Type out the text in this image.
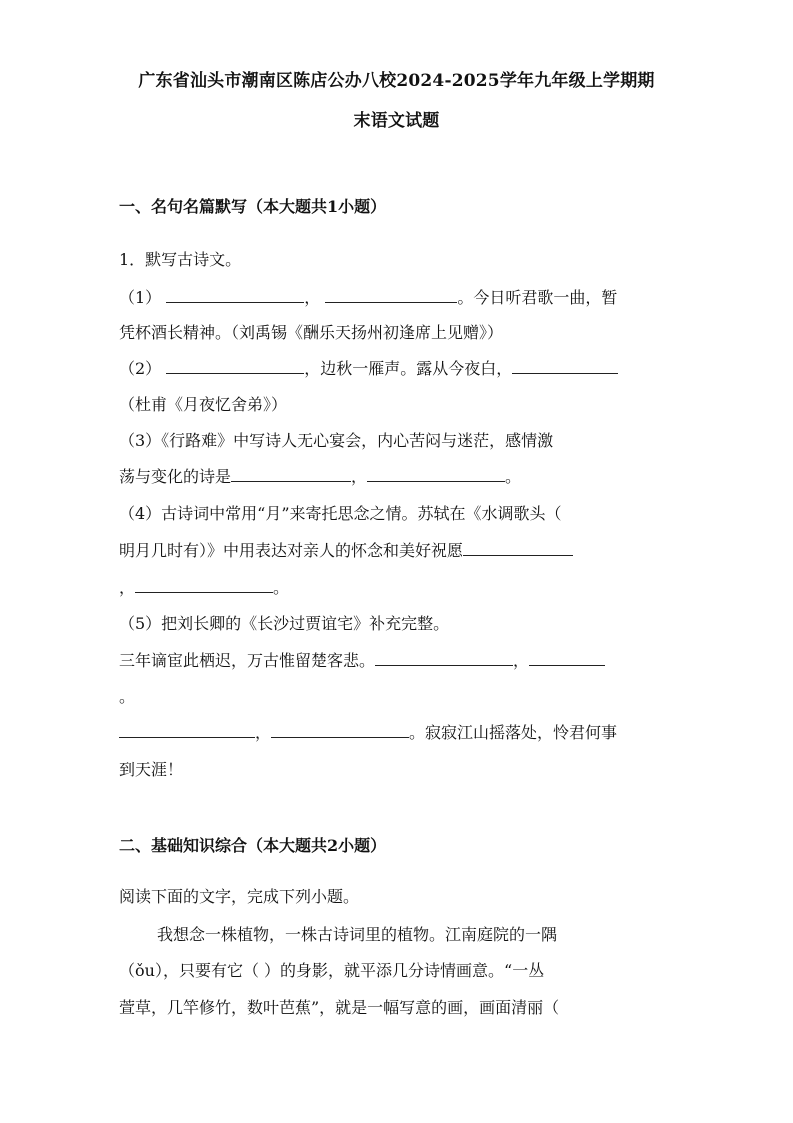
广东省汕头市潮南区陈店公办八校2024-2025学年九年级上学期期
末语文试题
一、名句名篇默写（本大题共1小题）
1．默写古诗文。
（1）	，	。今日听君歌一曲，暂
凭杯酒长精神。（刘禹锡《酬乐天扬州初逢席上见赠》）
（2）	，边秋一雁声。露从今夜白，
（杜甫《月夜忆舍弟》）
（3）《行路难》中写诗人无心宴会，内心苦闷与迷茫，感情激
荡与变化的诗是	，	。
（4）古诗词中常用“月”来寄托思念之情。苏轼在《水调歌头（
明月几时有）》中用表达对亲人的怀念和美好祝愿
，	。
（5）把刘长卿的《长沙过贾谊宅》补充完整。
三年谪宦此栖迟，万古惟留楚客悲。	，
。
，	。寂寂江山摇落处，怜君何事
到天涯！
二、基础知识综合（本大题共2小题）
阅读下面的文字，完成下列小题。
我想念一株植物，一株古诗词里的植物。江南庭院的一隅
（ǒu），只要有它（ ）的身影，就平添几分诗情画意。“一丛
萱草，几竿修竹，数叶芭蕉”，就是一幅写意的画，画面清丽（
